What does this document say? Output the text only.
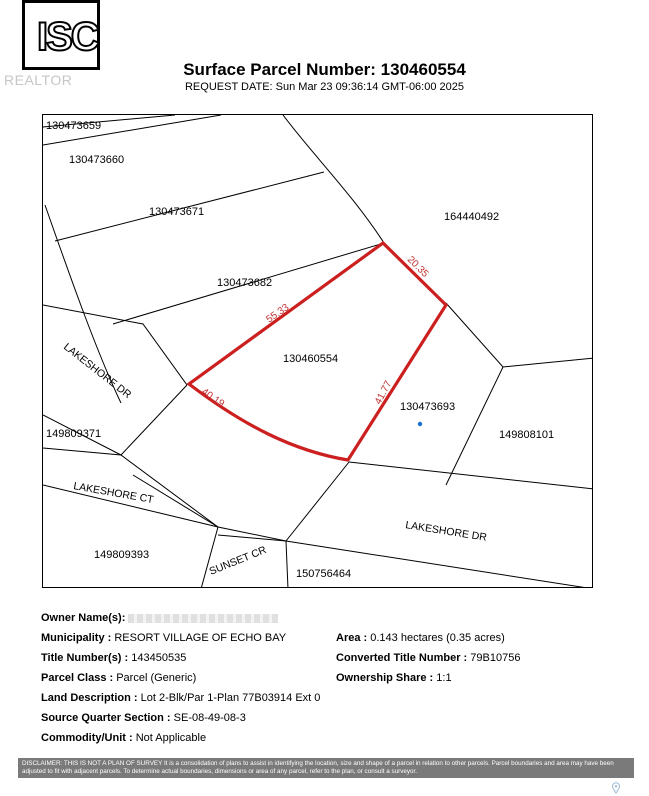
ISC
REALTOR
Surface Parcel Number: 130460554
REQUEST DATE: Sun Mar 23 09:36:14 GMT-06:00 2025
130473659
130473660
130473671	164440492
130473682
130460554
130473693
149809371	149808101
149809393
150756464
LAKESHORE DR
LAKESHORE CT
LAKESHORE DR
SUNSET CR
20.35
55.33
41.77
40.19
Owner Name(s):
Municipality : RESORT VILLAGE OF ECHO BAY	Area : 0.143 hectares (0.35 acres)
Title Number(s) : 143450535	Converted Title Number : 79B10756
Parcel Class : Parcel (Generic)	Ownership Share : 1:1
Land Description : Lot 2-Blk/Par 1-Plan 77B03914 Ext 0
Source Quarter Section : SE-08-49-08-3
Commodity/Unit : Not Applicable
DISCLAIMER: THIS IS NOT A PLAN OF SURVEY It is a consolidation of plans to assist in identifying the location, size and shape of a parcel in relation to other parcels. Parcel boundaries and area may have been adjusted to fit with adjacent parcels. To determine actual boundaries, dimensions or area of any parcel, refer to the plan, or consult a surveyor.
